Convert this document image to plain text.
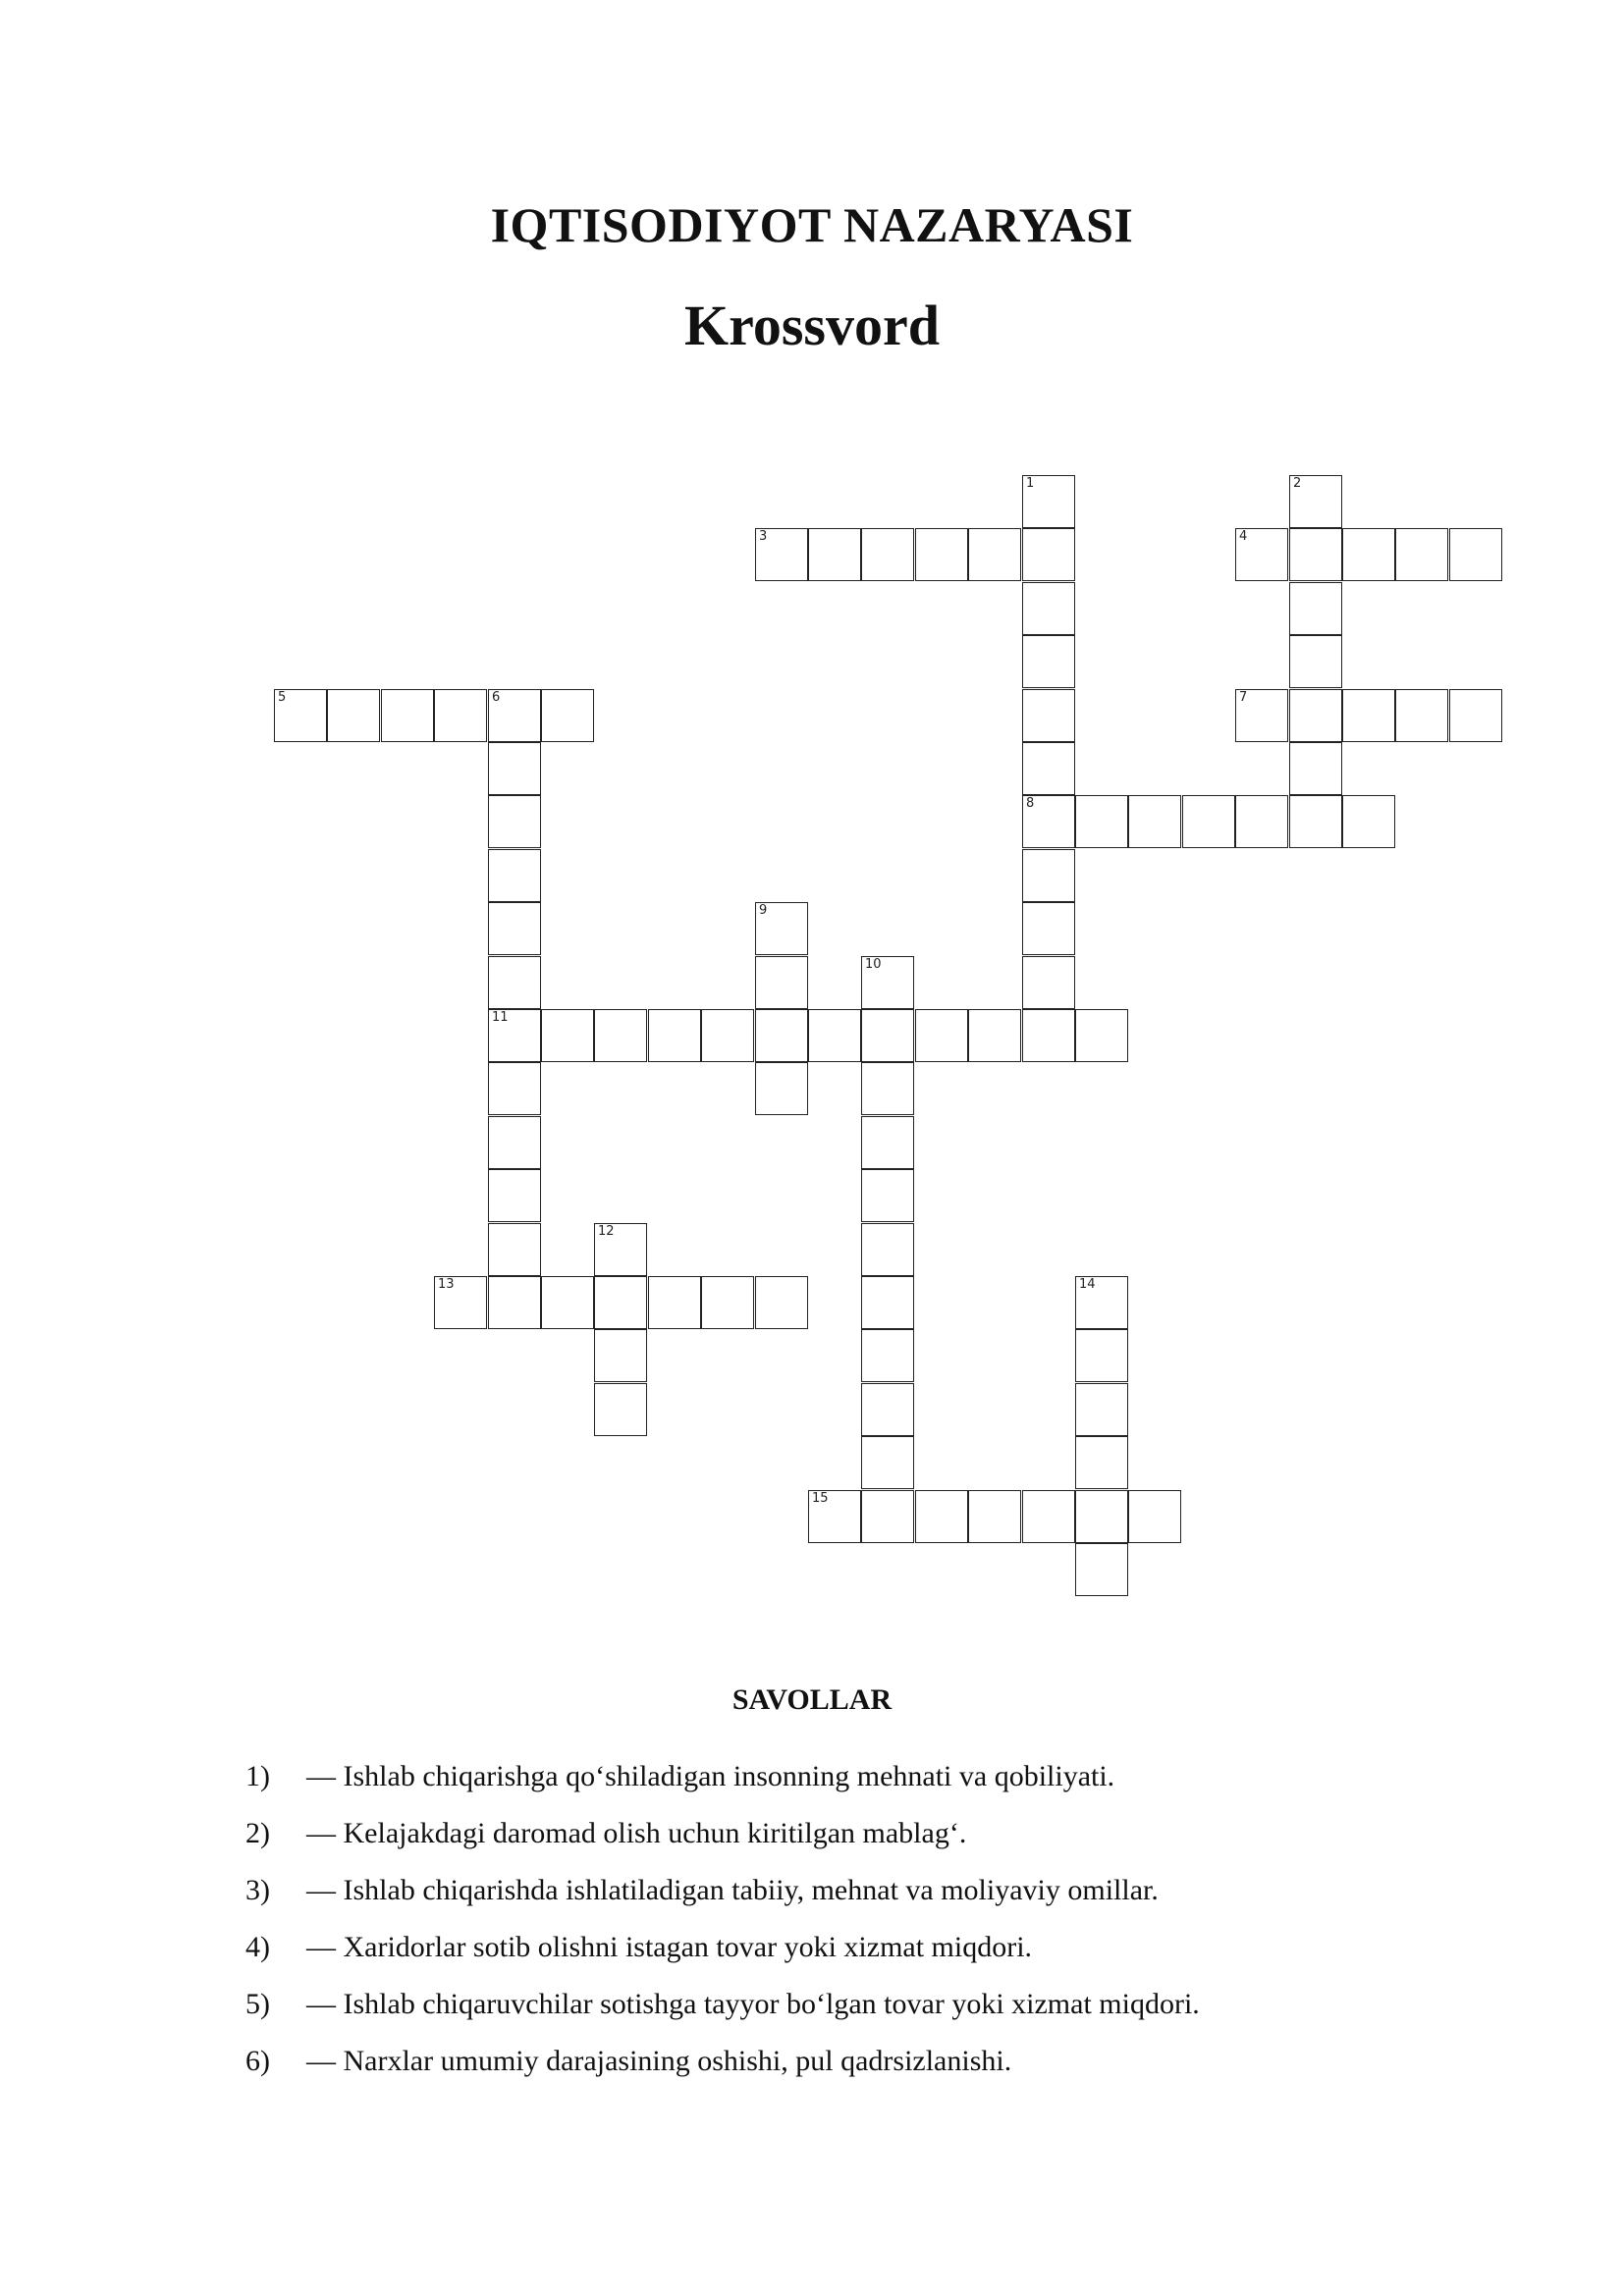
IQTISODIYOT NAZARYASI
Krossvord
1
8
2
3	4
5	6
11
7
9
10
12
13	14
15
SAVOLLAR
1) — Ishlab chiqarishga qo‘shiladigan insonning mehnati va qobiliyati.
2) — Kelajakdagi daromad olish uchun kiritilgan mablag‘.
3) — Ishlab chiqarishda ishlatiladigan tabiiy, mehnat va moliyaviy omillar.
4) — Xaridorlar sotib olishni istagan tovar yoki xizmat miqdori.
5) — Ishlab chiqaruvchilar sotishga tayyor bo‘lgan tovar yoki xizmat miqdori.
6) — Narxlar umumiy darajasining oshishi, pul qadrsizlanishi.
